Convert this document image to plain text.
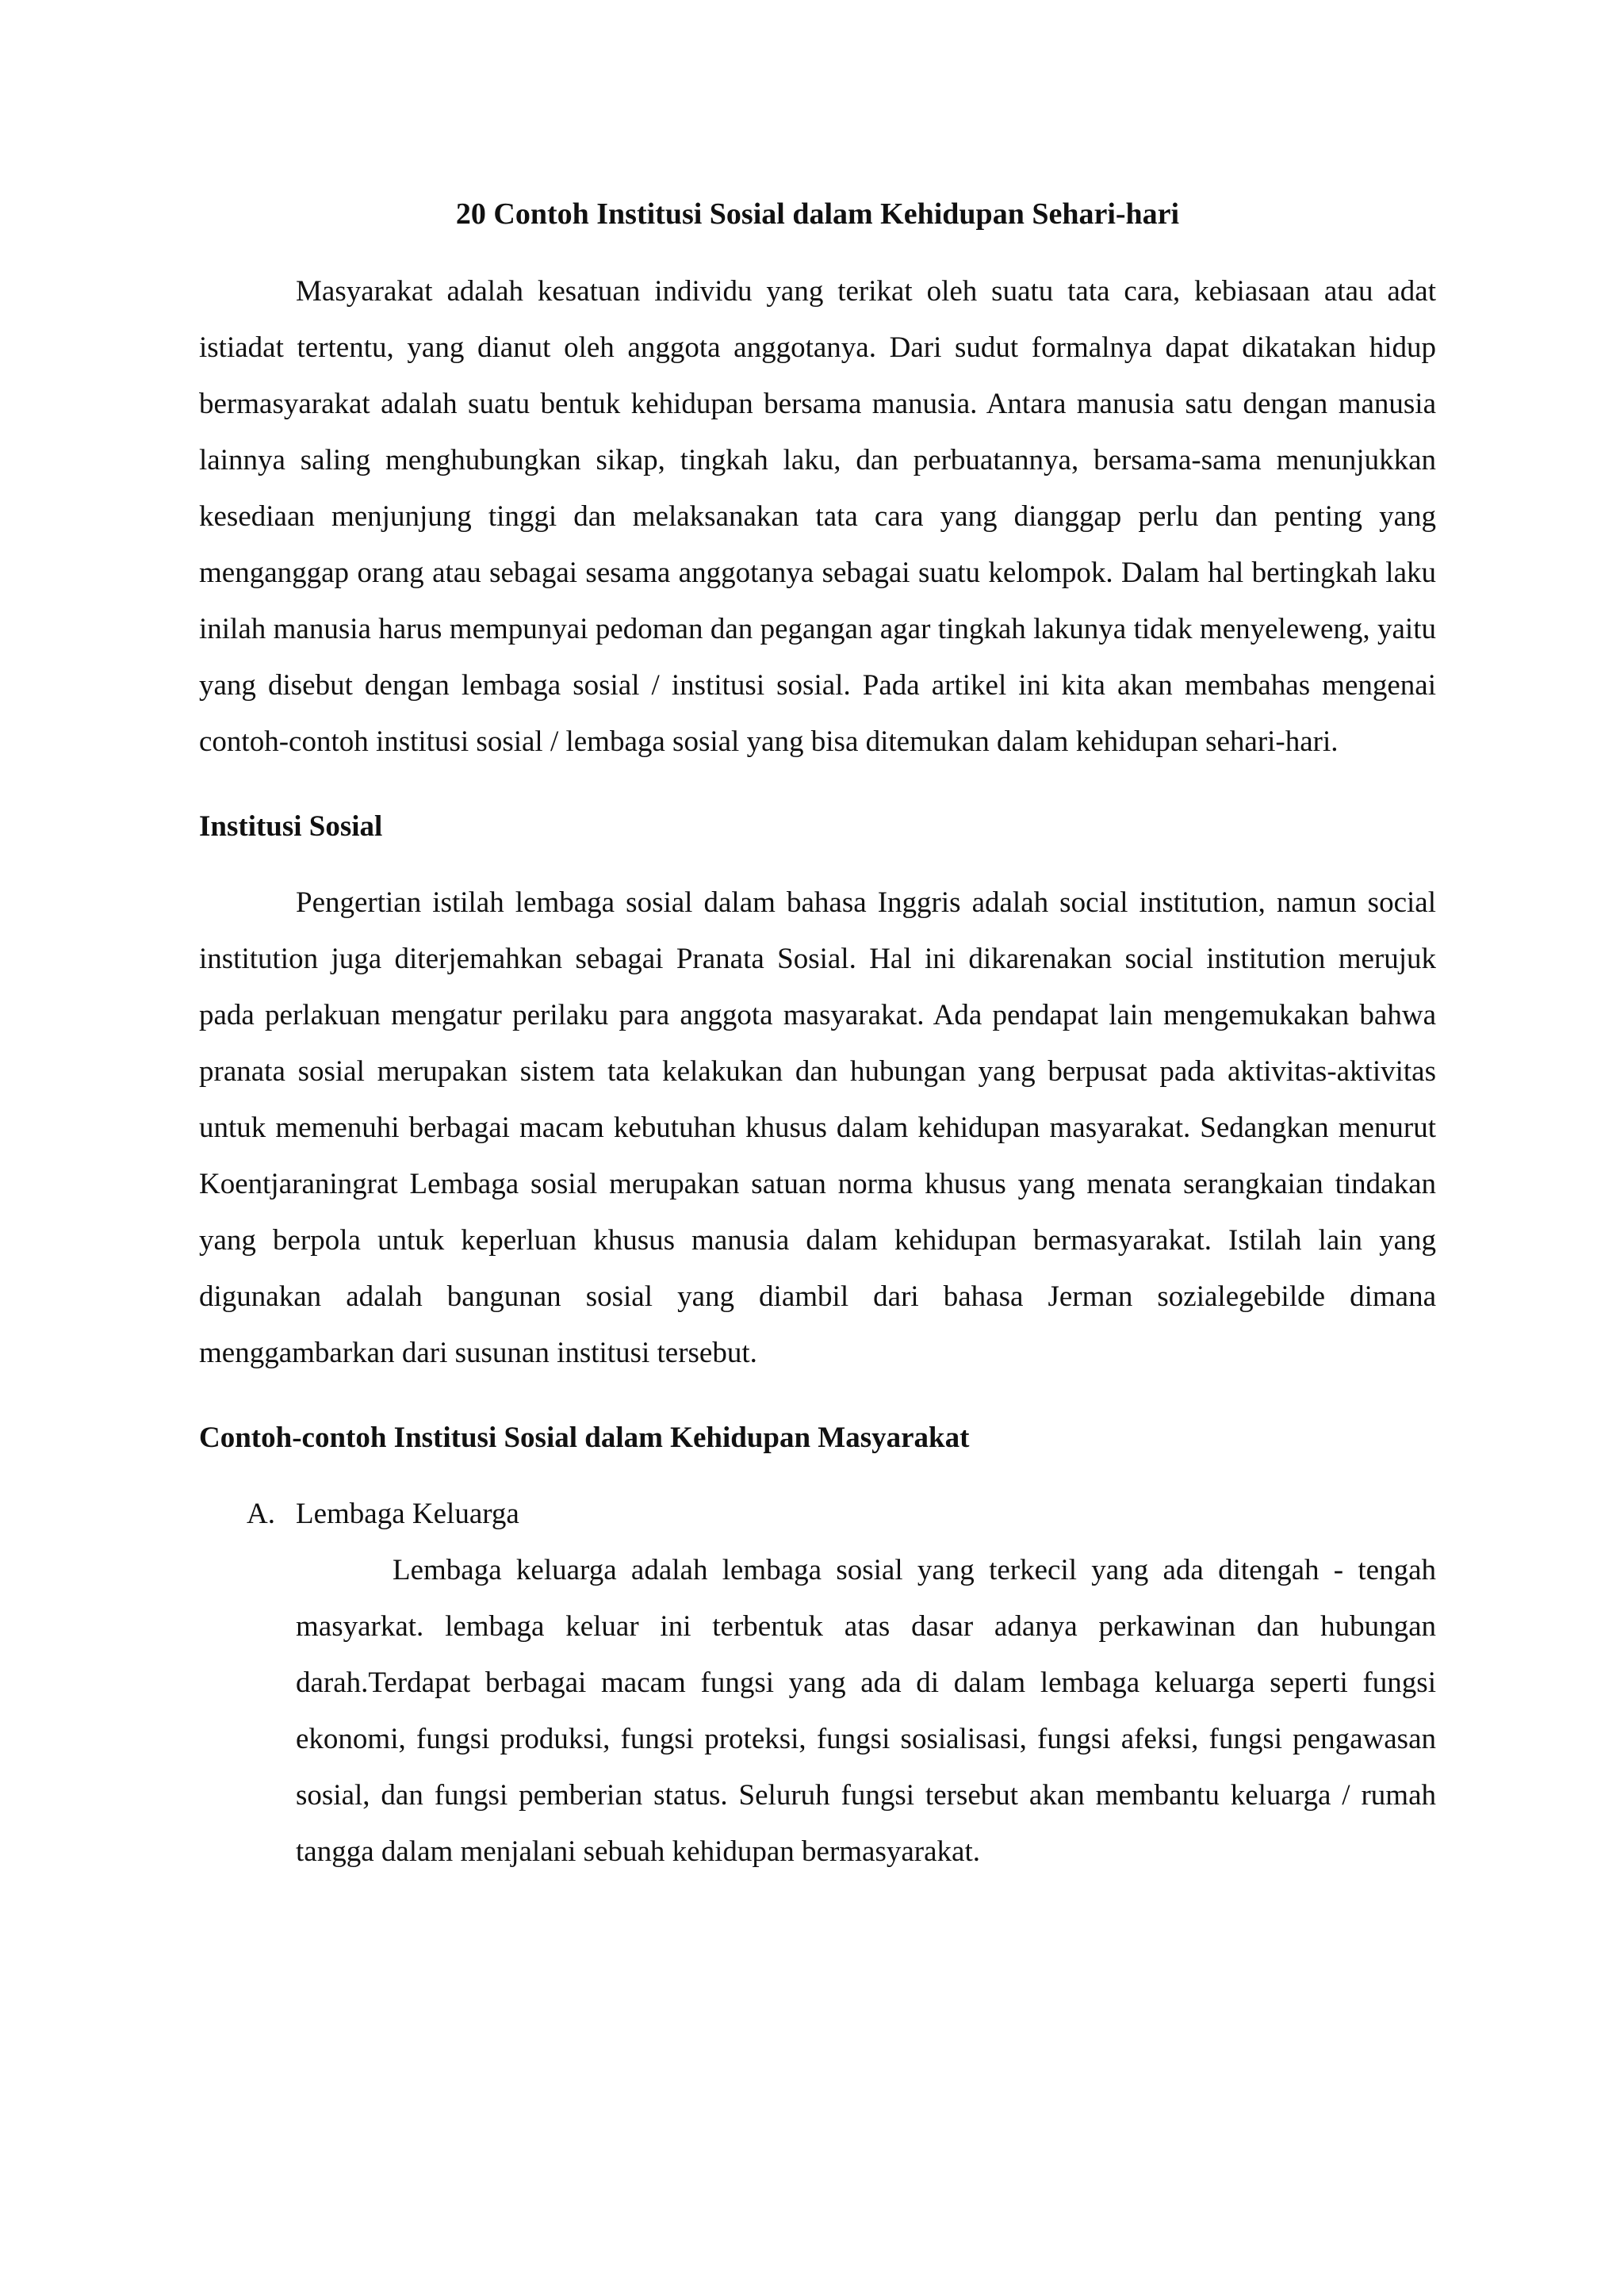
20 Contoh Institusi Sosial dalam Kehidupan Sehari-hari

Masyarakat adalah kesatuan individu yang terikat oleh suatu tata cara, kebiasaan atau adat istiadat tertentu, yang dianut oleh anggota anggotanya. Dari sudut formalnya dapat dikatakan hidup bermasyarakat adalah suatu bentuk kehidupan bersama manusia. Antara manusia satu dengan manusia lainnya saling menghubungkan sikap, tingkah laku, dan perbuatannya, bersama-sama menunjukkan kesediaan menjunjung tinggi dan melaksanakan tata cara yang dianggap perlu dan penting yang menganggap orang atau sebagai sesama anggotanya sebagai suatu kelompok. Dalam hal bertingkah laku inilah manusia harus mempunyai pedoman dan pegangan agar tingkah lakunya tidak menyeleweng, yaitu yang disebut dengan lembaga sosial / institusi sosial. Pada artikel ini kita akan membahas mengenai contoh-contoh institusi sosial / lembaga sosial yang bisa ditemukan dalam kehidupan sehari-hari.

Institusi Sosial

Pengertian istilah lembaga sosial dalam bahasa Inggris adalah social institution, namun social institution juga diterjemahkan sebagai Pranata Sosial. Hal ini dikarenakan social institution merujuk pada perlakuan mengatur perilaku para anggota masyarakat. Ada pendapat lain mengemukakan bahwa pranata sosial merupakan sistem tata kelakukan dan hubungan yang berpusat pada aktivitas-aktivitas untuk memenuhi berbagai macam kebutuhan khusus dalam kehidupan masyarakat. Sedangkan menurut Koentjaraningrat Lembaga sosial merupakan satuan norma khusus yang menata serangkaian tindakan yang berpola untuk keperluan khusus manusia dalam kehidupan bermasyarakat. Istilah lain yang digunakan adalah bangunan sosial yang diambil dari bahasa Jerman sozialegebilde dimana menggambarkan dari susunan institusi tersebut.

Contoh-contoh Institusi Sosial dalam Kehidupan Masyarakat
A. Lembaga Keluarga

Lembaga keluarga adalah lembaga sosial yang terkecil yang ada ditengah - tengah masyarkat. lembaga keluar ini terbentuk atas dasar adanya perkawinan dan hubungan darah.Terdapat berbagai macam fungsi yang ada di dalam lembaga keluarga seperti fungsi ekonomi, fungsi produksi, fungsi proteksi, fungsi sosialisasi, fungsi afeksi, fungsi pengawasan sosial, dan fungsi pemberian status. Seluruh fungsi tersebut akan membantu keluarga / rumah tangga dalam menjalani sebuah kehidupan bermasyarakat.
